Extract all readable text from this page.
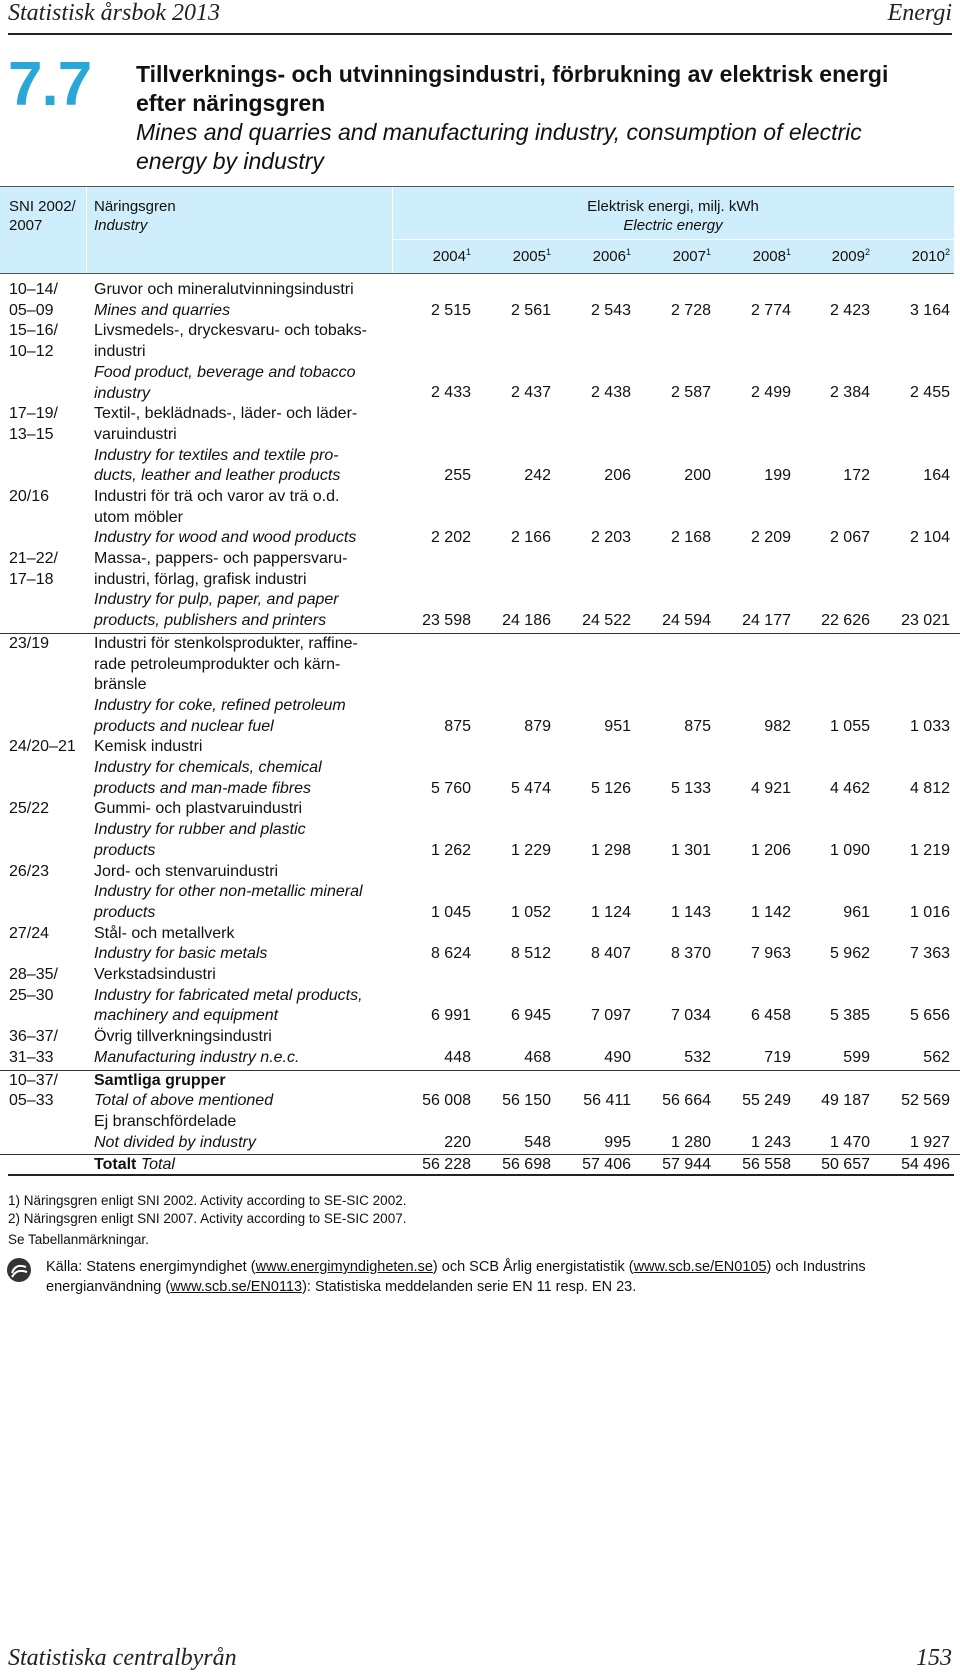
Statistisk årsbok 2013	Energi
7.7 Tillverknings- och utvinningsindustri, förbrukning av elektrisk energi efter näringsgren
Mines and quarries and manufacturing industry, consumption of electric energy by industry
SNI 2002/
2007
Näringsgren
Industry
Elektrisk energi, milj. kWh
Electric energy
2004$^1$	2005$^1$	2006$^1$	2007$^1$	2008$^1$	2009$^2$	2010$^2$
10–14/
05–09
Gruvor och mineralutvinningsindustri
Mines and quarries	2 515	2 561	2 543	2 728	2 774	2 423	3 164
15–16/
10–12
Livsmedels-, dryckesvaru- och tobaks-
industri
Food product, beverage and tobacco
industry	2 433	2 437	2 438	2 587	2 499	2 384	2 455
17–19/
13–15
Textil-, beklädnads-, läder- och läder-
varuindustri
Industry for textiles and textile pro-
ducts, leather and leather products	255	242	206	200	199	172	164
20/16	Industri för trä och varor av trä o.d.
utom möbler
Industry for wood and wood products	2 202	2 166	2 203	2 168	2 209	2 067	2 104
21–22/
17–18
Massa-, pappers- och pappersvaru-
industri, förlag, grafisk industri
Industry for pulp, paper, and paper
products, publishers and printers	23 598	24 186	24 522	24 594	24 177	22 626	23 021
23/19	Industri för stenkolsprodukter, raffine-
rade petroleumprodukter och kärn-
bränsle
Industry for coke, refined petroleum
products and nuclear fuel	875	879	951	875	982	1 055	1 033
24/20–21	Kemisk industri
Industry for chemicals, chemical
products and man-made fibres	5 760	5 474	5 126	5 133	4 921	4 462	4 812
25/22	Gummi- och plastvaruindustri
Industry for rubber and plastic
products	1 262	1 229	1 298	1 301	1 206	1 090	1 219
26/23	Jord- och stenvaruindustri
Industry for other non-metallic mineral
products	1 045	1 052	1 124	1 143	1 142	961	1 016
27/24	Stål- och metallverk
Industry for basic metals	8 624	8 512	8 407	8 370	7 963	5 962	7 363
28–35/
25–30
Verkstadsindustri
Industry for fabricated metal products,
machinery and equipment	6 991	6 945	7 097	7 034	6 458	5 385	5 656
36–37/
31–33
Övrig tillverkningsindustri
Manufacturing industry n.e.c.	448	468	490	532	719	599	562
10–37/
05–33
Samtliga grupper
Total of above mentioned	56 008	56 150	56 411	56 664	55 249	49 187	52 569
Ej branschfördelade
Not divided by industry	220	548	995	1 280	1 243	1 470	1 927
Totalt Total	56 228	56 698	57 406	57 944	56 558	50 657	54 496
1) Näringsgren enligt SNI 2002. Activity according to SE-SIC 2002.
2) Näringsgren enligt SNI 2007. Activity according to SE-SIC 2007.
Se Tabellanmärkningar.
Källa: Statens energimyndighet (www.energimyndigheten.se) och SCB Årlig energistatistik (www.scb.se/EN0105) och Industrins energianvändning (www.scb.se/EN0113): Statistiska meddelanden serie EN 11 resp. EN 23.
Statistiska centralbyrån	153
